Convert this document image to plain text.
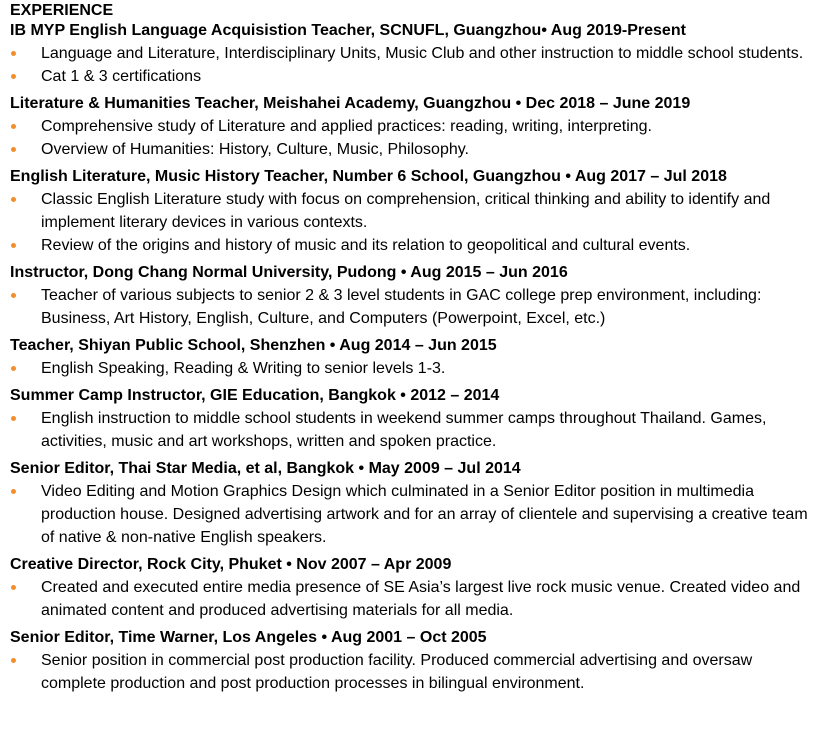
EXPERIENCE
IB MYP English Language Acquisistion Teacher, SCNUFL, Guangzhou• Aug 2019-Present
Language and Literature, Interdisciplinary Units, Music Club and other instruction to middle school students.
Cat 1 & 3 certifications
Literature & Humanities Teacher, Meishahei Academy, Guangzhou • Dec 2018 – June 2019
Comprehensive study of Literature and applied practices: reading, writing, interpreting.
Overview of Humanities: History, Culture, Music, Philosophy.
English Literature, Music History Teacher, Number 6 School, Guangzhou • Aug 2017 – Jul 2018
Classic English Literature study with focus on comprehension, critical thinking and ability to identify and implement literary devices in various contexts.
Review of the origins and history of music and its relation to geopolitical and cultural events.
Instructor, Dong Chang Normal University, Pudong • Aug 2015 – Jun 2016
Teacher of various subjects to senior 2 & 3 level students in GAC college prep environment, including: Business, Art History, English, Culture, and Computers (Powerpoint, Excel, etc.)
Teacher, Shiyan Public School, Shenzhen • Aug 2014 – Jun 2015
English Speaking, Reading & Writing to senior levels 1-3.
Summer Camp Instructor, GIE Education, Bangkok • 2012 – 2014
English instruction to middle school students in weekend summer camps throughout Thailand. Games, activities, music and art workshops, written and spoken practice.
Senior Editor, Thai Star Media, et al, Bangkok • May 2009 – Jul 2014
Video Editing and Motion Graphics Design which culminated in a Senior Editor position in multimedia production house. Designed advertising artwork and for an array of clientele and supervising a creative team of native & non-native English speakers.
Creative Director, Rock City, Phuket • Nov 2007 – Apr 2009
Created and executed entire media presence of SE Asia’s largest live rock music venue. Created video and animated content and produced advertising materials for all media.
Senior Editor, Time Warner, Los Angeles • Aug 2001 – Oct 2005
Senior position in commercial post production facility. Produced commercial advertising and oversaw complete production and post production processes in bilingual environment.
